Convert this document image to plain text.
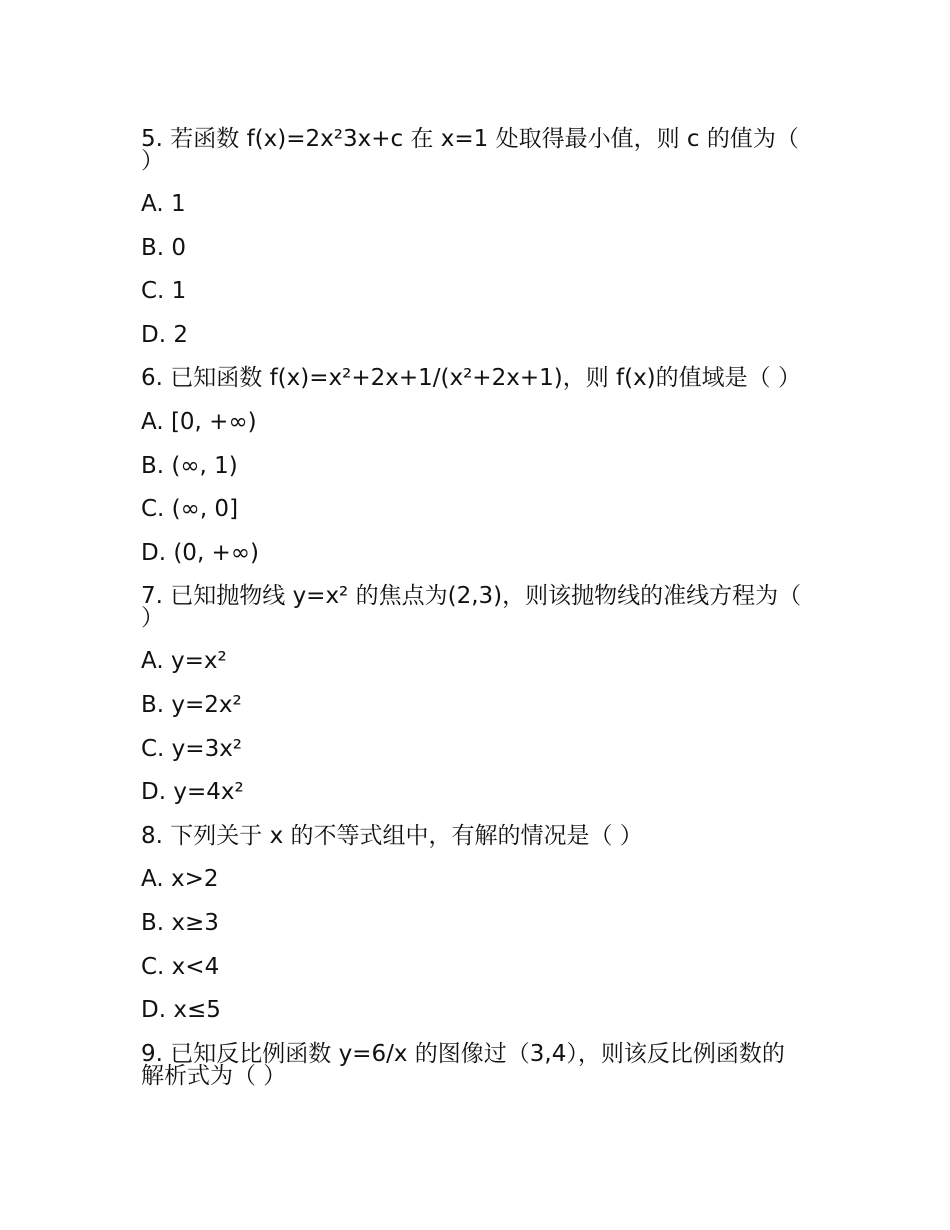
5. 若函数 f(x)=2x²3x+c 在 x=1 处取得最小值，则 c 的值为（ ）

A. 1

B. 0

C. 1

D. 2

6. 已知函数 f(x)=x²+2x+1/(x²+2x+1)，则 f(x)的值域是（ ）

A. [0, +∞)

B. (∞, 1)

C. (∞, 0]

D. (0, +∞)

7. 已知抛物线 y=x² 的焦点为(2,3)，则该抛物线的准线方程为（ ）

A. y=x²

B. y=2x²

C. y=3x²

D. y=4x²

8. 下列关于 x 的不等式组中，有解的情况是（ ）

A. x>2

B. x≥3

C. x<4

D. x≤5

9. 已知反比例函数 y=6/x 的图像过（3,4），则该反比例函数的解析式为（ ）
